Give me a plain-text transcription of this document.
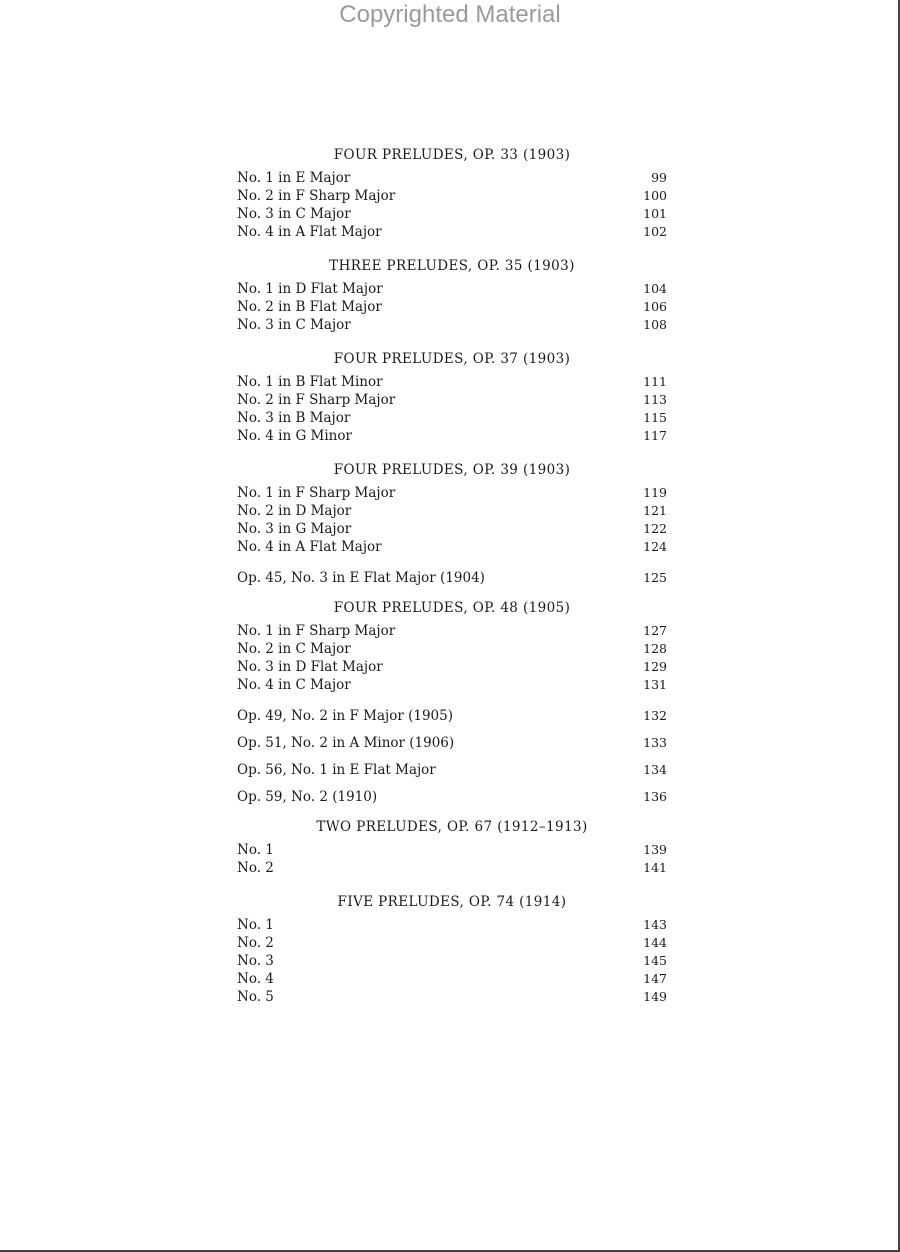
Copyrighted Material
FOUR PRELUDES, OP. 33 (1903)
No. 1 in E Major	99
No. 2 in F Sharp Major	100
No. 3 in C Major	101
No. 4 in A Flat Major	102
THREE PRELUDES, OP. 35 (1903)
No. 1 in D Flat Major	104
No. 2 in B Flat Major	106
No. 3 in C Major	108
FOUR PRELUDES, OP. 37 (1903)
No. 1 in B Flat Minor	111
No. 2 in F Sharp Major	113
No. 3 in B Major	115
No. 4 in G Minor	117
FOUR PRELUDES, OP. 39 (1903)
No. 1 in F Sharp Major	119
No. 2 in D Major	121
No. 3 in G Major	122
No. 4 in A Flat Major	124
Op. 45, No. 3 in E Flat Major (1904)	125
FOUR PRELUDES, OP. 48 (1905)
No. 1 in F Sharp Major	127
No. 2 in C Major	128
No. 3 in D Flat Major	129
No. 4 in C Major	131
Op. 49, No. 2 in F Major (1905)	132
Op. 51, No. 2 in A Minor (1906)	133
Op. 56, No. 1 in E Flat Major	134
Op. 59, No. 2 (1910)	136
TWO PRELUDES, OP. 67 (1912–1913)
No. 1	139
No. 2	141
FIVE PRELUDES, OP. 74 (1914)
No. 1	143
No. 2	144
No. 3	145
No. 4	147
No. 5	149
